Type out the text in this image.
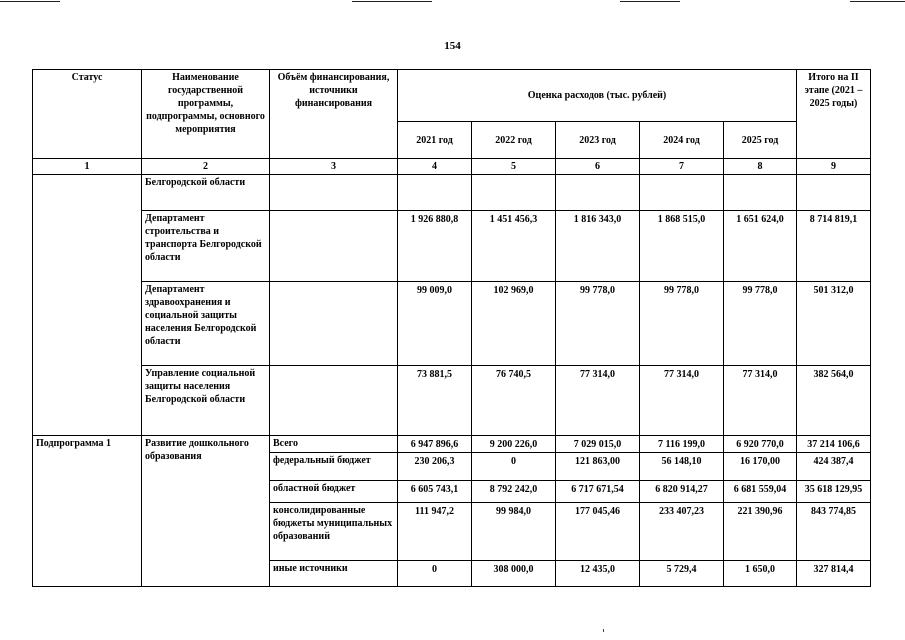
154
Статус	Наименование государственной программы, подпрограммы, основного мероприятия	Объём финансирования, источники финансирования	Оценка расходов (тыс. рублей)					Итого на II этапе (2021 – 2025 годы)
			2021 год	2022 год	2023 год	2024 год	2025 год	
1	2	3	4	5	6	7	8	9
	Белгородской области							
	Департамент строительства и транспорта Белгородской области		1 926 880,8	1 451 456,3	1 816 343,0	1 868 515,0	1 651 624,0	8 714 819,1
	Департамент здравоохранения и социальной защиты населения Белгородской области		99 009,0	102 969,0	99 778,0	99 778,0	99 778,0	501 312,0
	Управление социальной защиты населения Белгородской области		73 881,5	76 740,5	77 314,0	77 314,0	77 314,0	382 564,0
Подпрограмма 1	Развитие дошкольного образования	Всего	6 947 896,6	9 200 226,0	7 029 015,0	7 116 199,0	6 920 770,0	37 214 106,6
		федеральный бюджет	230 206,3	0	121 863,00	56 148,10	16 170,00	424 387,4
		областной бюджет	6 605 743,1	8 792 242,0	6 717 671,54	6 820 914,27	6 681 559,04	35 618 129,95
		консолидированные бюджеты муниципальных образований	111 947,2	99 984,0	177 045,46	233 407,23	221 390,96	843 774,85
		иные источники	0	308 000,0	12 435,0	5 729,4	1 650,0	327 814,4
